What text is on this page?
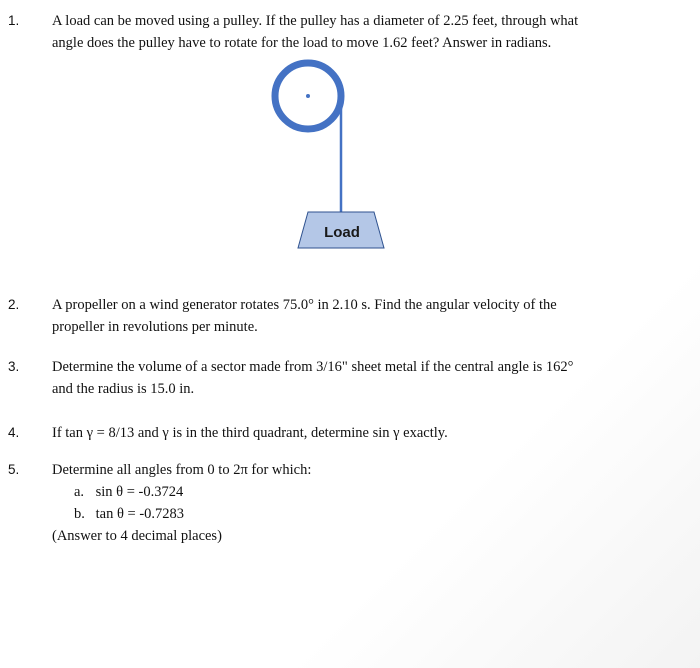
1.	A load can be moved using a pulley. If the pulley has a diameter of 2.25 feet, through what
angle does the pulley have to rotate for the load to move 1.62 feet? Answer in radians.
Load
2.	A propeller on a wind generator rotates 75.0° in 2.10 s. Find the angular velocity of the
propeller in revolutions per minute.
3.	Determine the volume of a sector made from 3/16" sheet metal if the central angle is 162°
and the radius is 15.0 in.
4.	If tan γ = 8/13 and γ is in the third quadrant, determine sin γ exactly.
5.	Determine all angles from 0 to 2π for which:
a. sin θ = -0.3724
b. tan θ = -0.7283
(Answer to 4 decimal places)
